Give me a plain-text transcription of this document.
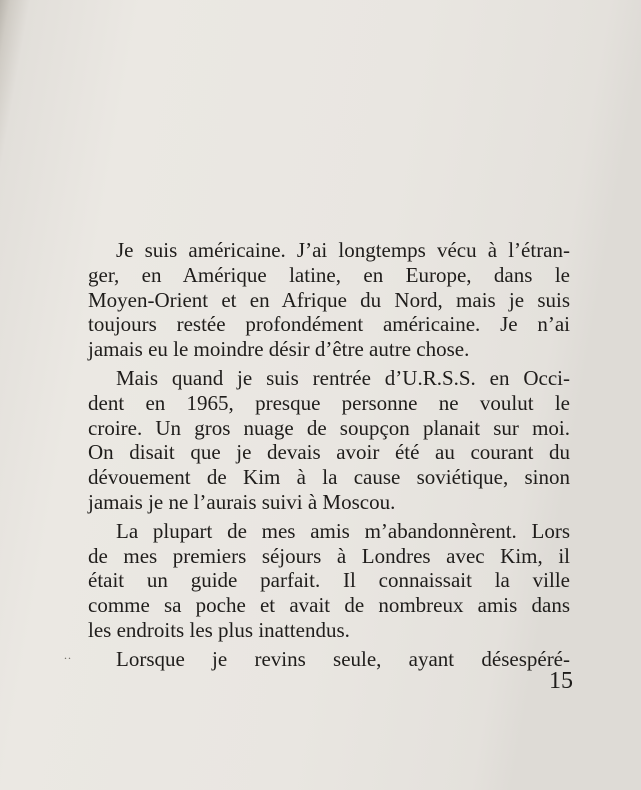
Je suis américaine. J’ai longtemps vécu à l’étran-
ger, en Amérique latine, en Europe, dans le
Moyen-Orient et en Afrique du Nord, mais je suis
toujours restée profondément américaine. Je n’ai
jamais eu le moindre désir d’être autre chose.
Mais quand je suis rentrée d’U.R.S.S. en Occi-
dent en 1965, presque personne ne voulut le
croire. Un gros nuage de soupçon planait sur moi.
On disait que je devais avoir été au courant du
dévouement de Kim à la cause soviétique, sinon
jamais je ne l’aurais suivi à Moscou.
La plupart de mes amis m’abandonnèrent. Lors
de mes premiers séjours à Londres avec Kim, il
était un guide parfait. Il connaissait la ville
comme sa poche et avait de nombreux amis dans
les endroits les plus inattendus.
Lorsque je revins seule, ayant désespéré-
..
15
